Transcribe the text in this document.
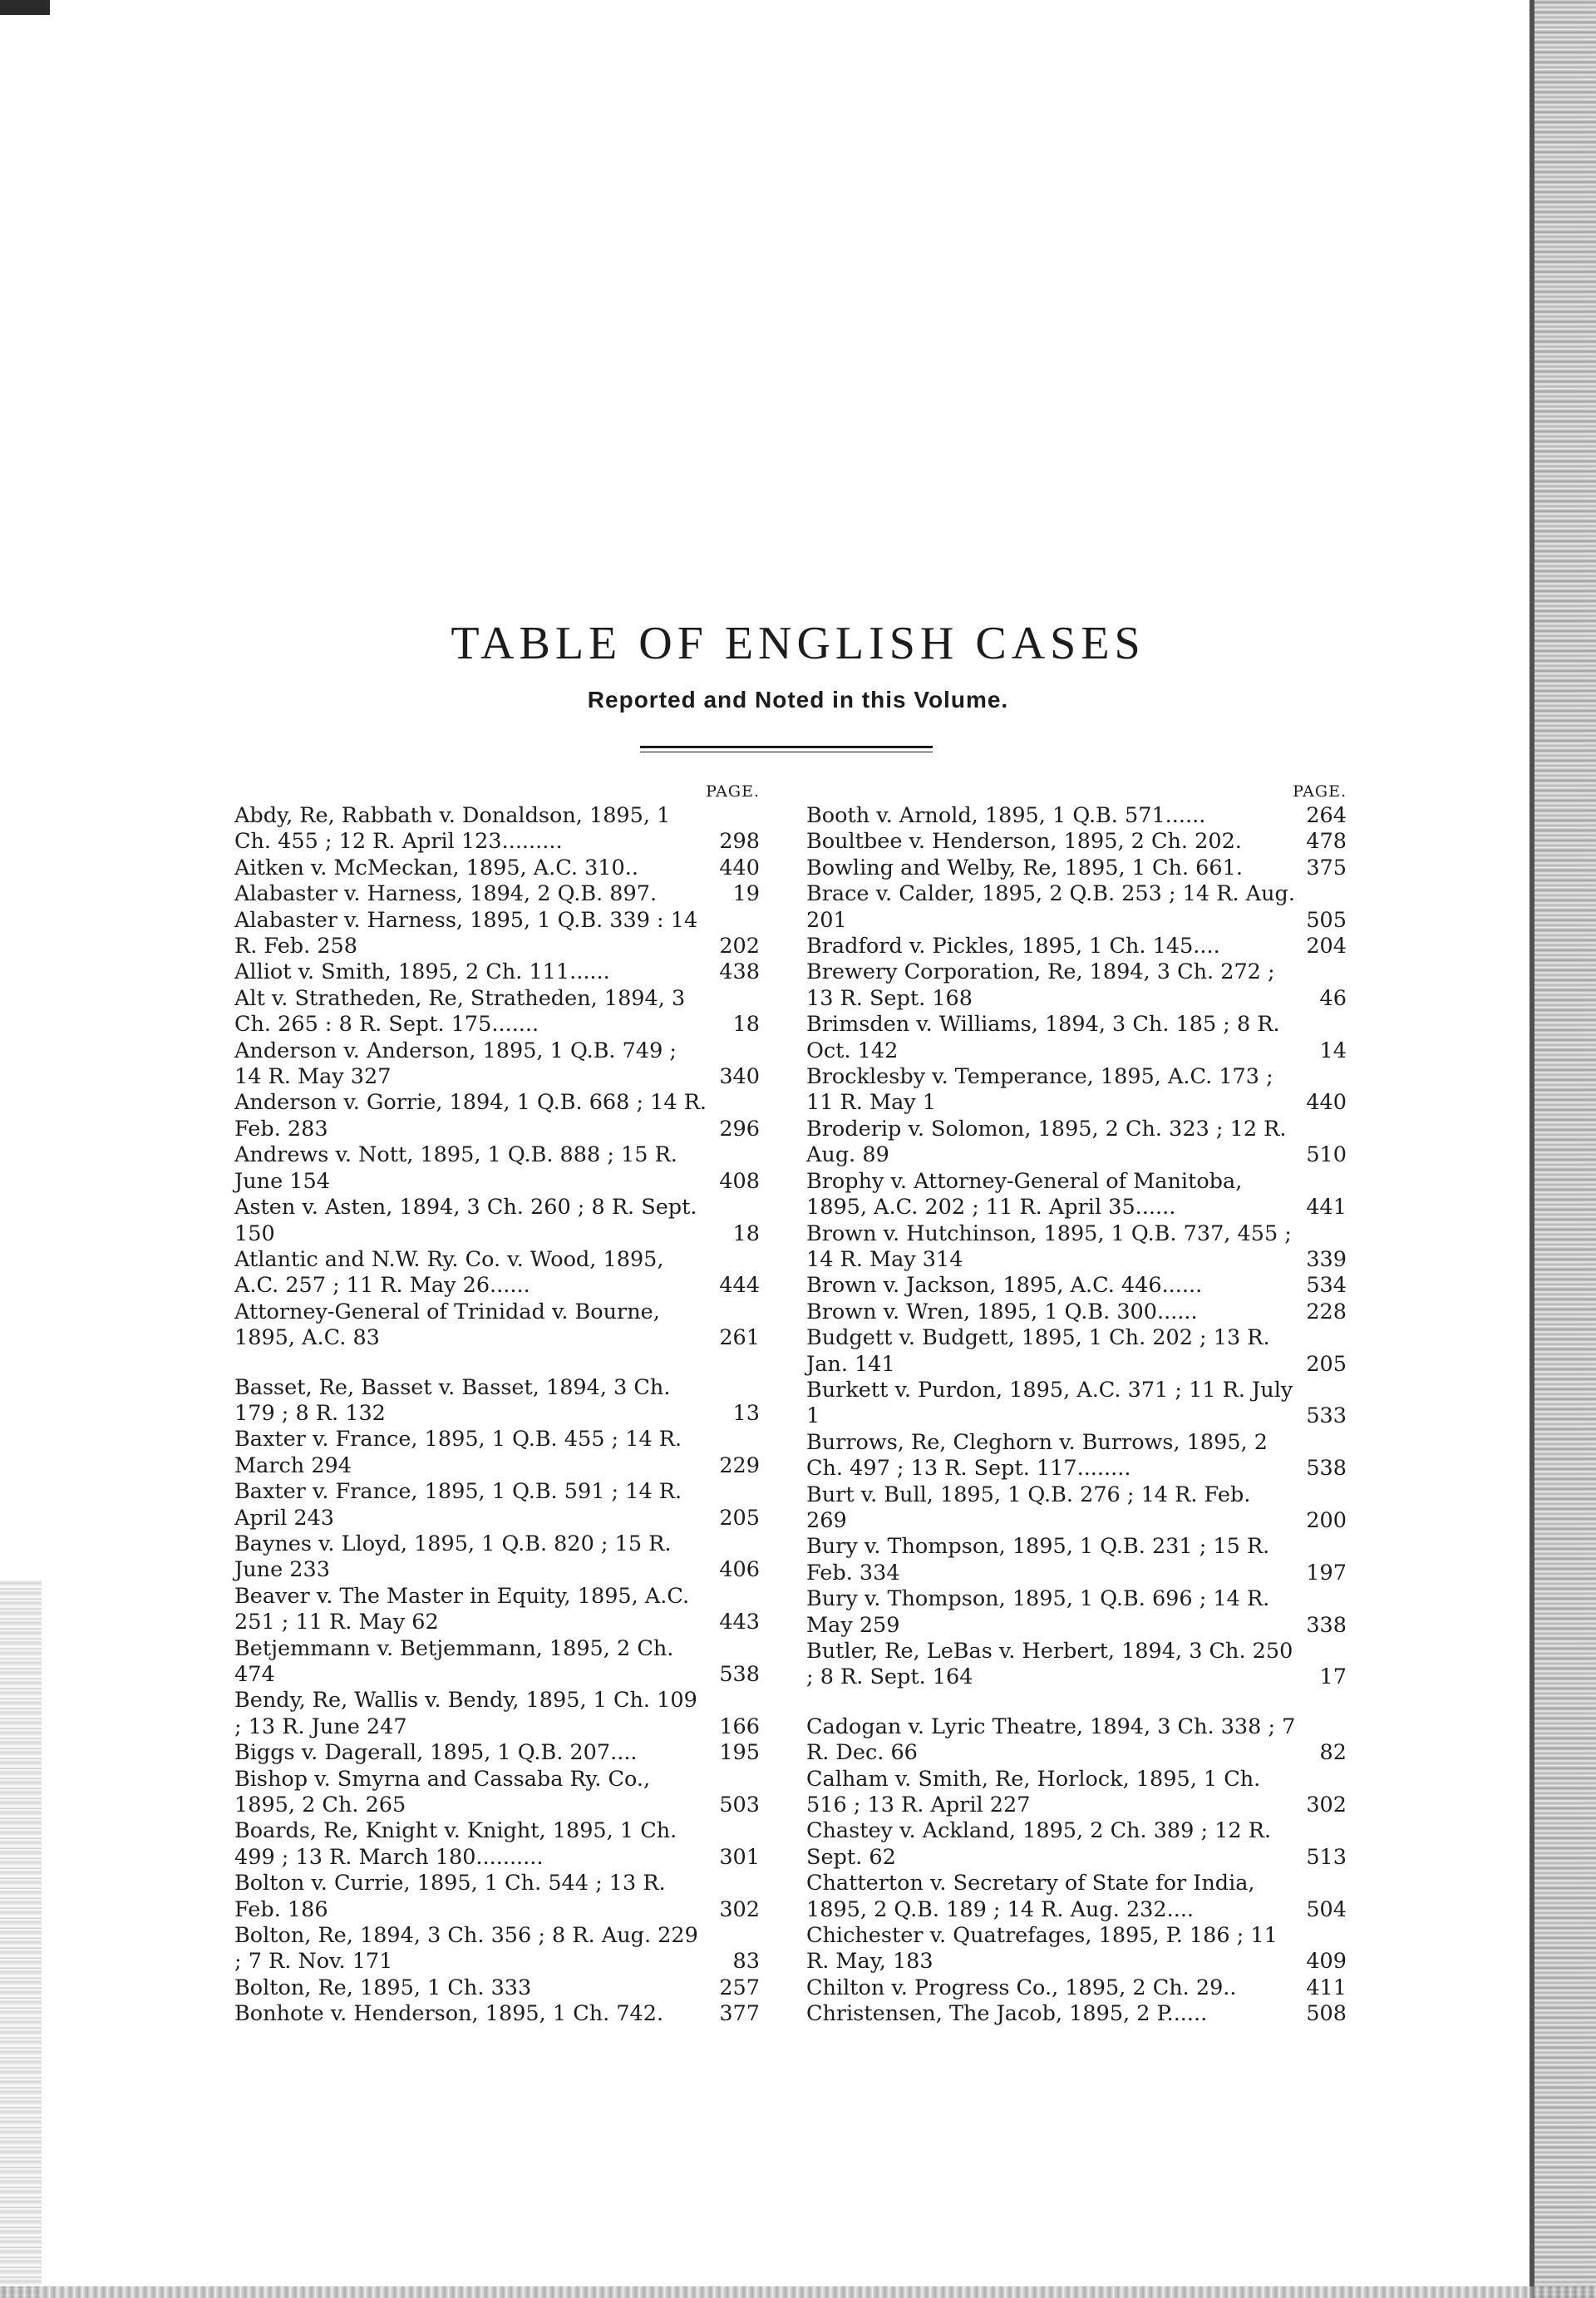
TABLE OF ENGLISH CASES

Reported and Noted in this Volume.

PAGE.
Abdy, Re, Rabbath v. Donaldson, 1895, 1 Ch. 455 ; 12 R. April 123.........	298
Aitken v. McMeckan, 1895, A.C. 310..	440
Alabaster v. Harness, 1894, 2 Q.B. 897.	19
Alabaster v. Harness, 1895, 1 Q.B. 339 : 14 R. Feb. 258	202
Alliot v. Smith, 1895, 2 Ch. 111......	438
Alt v. Stratheden, Re, Stratheden, 1894, 3 Ch. 265 : 8 R. Sept. 175.......	18
Anderson v. Anderson, 1895, 1 Q.B. 749 ; 14 R. May 327	340
Anderson v. Gorrie, 1894, 1 Q.B. 668 ; 14 R. Feb. 283	296
Andrews v. Nott, 1895, 1 Q.B. 888 ; 15 R. June 154	408
Asten v. Asten, 1894, 3 Ch. 260 ; 8 R. Sept. 150	18
Atlantic and N.W. Ry. Co. v. Wood, 1895, A.C. 257 ; 11 R. May 26......	444
Attorney-General of Trinidad v. Bourne, 1895, A.C. 83	261
Basset, Re, Basset v. Basset, 1894, 3 Ch. 179 ; 8 R. 132	13
Baxter v. France, 1895, 1 Q.B. 455 ; 14 R. March 294	229
Baxter v. France, 1895, 1 Q.B. 591 ; 14 R. April 243	205
Baynes v. Lloyd, 1895, 1 Q.B. 820 ; 15 R. June 233	406
Beaver v. The Master in Equity, 1895, A.C. 251 ; 11 R. May 62	443
Betjemmann v. Betjemmann, 1895, 2 Ch. 474	538
Bendy, Re, Wallis v. Bendy, 1895, 1 Ch. 109 ; 13 R. June 247	166
Biggs v. Dagerall, 1895, 1 Q.B. 207....	195
Bishop v. Smyrna and Cassaba Ry. Co., 1895, 2 Ch. 265	503
Boards, Re, Knight v. Knight, 1895, 1 Ch. 499 ; 13 R. March 180..........	301
Bolton v. Currie, 1895, 1 Ch. 544 ; 13 R. Feb. 186	302
Bolton, Re, 1894, 3 Ch. 356 ; 8 R. Aug. 229 ; 7 R. Nov. 171	83
Bolton, Re, 1895, 1 Ch. 333	257
Bonhote v. Henderson, 1895, 1 Ch. 742.	377
PAGE.
Booth v. Arnold, 1895, 1 Q.B. 571......	264
Boultbee v. Henderson, 1895, 2 Ch. 202.	478
Bowling and Welby, Re, 1895, 1 Ch. 661.	375
Brace v. Calder, 1895, 2 Q.B. 253 ; 14 R. Aug. 201	505
Bradford v. Pickles, 1895, 1 Ch. 145....	204
Brewery Corporation, Re, 1894, 3 Ch. 272 ; 13 R. Sept. 168	46
Brimsden v. Williams, 1894, 3 Ch. 185 ; 8 R. Oct. 142	14
Brocklesby v. Temperance, 1895, A.C. 173 ; 11 R. May 1	440
Broderip v. Solomon, 1895, 2 Ch. 323 ; 12 R. Aug. 89	510
Brophy v. Attorney-General of Manitoba, 1895, A.C. 202 ; 11 R. April 35......	441
Brown v. Hutchinson, 1895, 1 Q.B. 737, 455 ; 14 R. May 314	339
Brown v. Jackson, 1895, A.C. 446......	534
Brown v. Wren, 1895, 1 Q.B. 300......	228
Budgett v. Budgett, 1895, 1 Ch. 202 ; 13 R. Jan. 141	205
Burkett v. Purdon, 1895, A.C. 371 ; 11 R. July 1	533
Burrows, Re, Cleghorn v. Burrows, 1895, 2 Ch. 497 ; 13 R. Sept. 117........	538
Burt v. Bull, 1895, 1 Q.B. 276 ; 14 R. Feb. 269	200
Bury v. Thompson, 1895, 1 Q.B. 231 ; 15 R. Feb. 334	197
Bury v. Thompson, 1895, 1 Q.B. 696 ; 14 R. May 259	338
Butler, Re, LeBas v. Herbert, 1894, 3 Ch. 250 ; 8 R. Sept. 164	17
Cadogan v. Lyric Theatre, 1894, 3 Ch. 338 ; 7 R. Dec. 66	82
Calham v. Smith, Re, Horlock, 1895, 1 Ch. 516 ; 13 R. April 227	302
Chastey v. Ackland, 1895, 2 Ch. 389 ; 12 R. Sept. 62	513
Chatterton v. Secretary of State for India, 1895, 2 Q.B. 189 ; 14 R. Aug. 232....	504
Chichester v. Quatrefages, 1895, P. 186 ; 11 R. May, 183	409
Chilton v. Progress Co., 1895, 2 Ch. 29..	411
Christensen, The Jacob, 1895, 2 P......	508
